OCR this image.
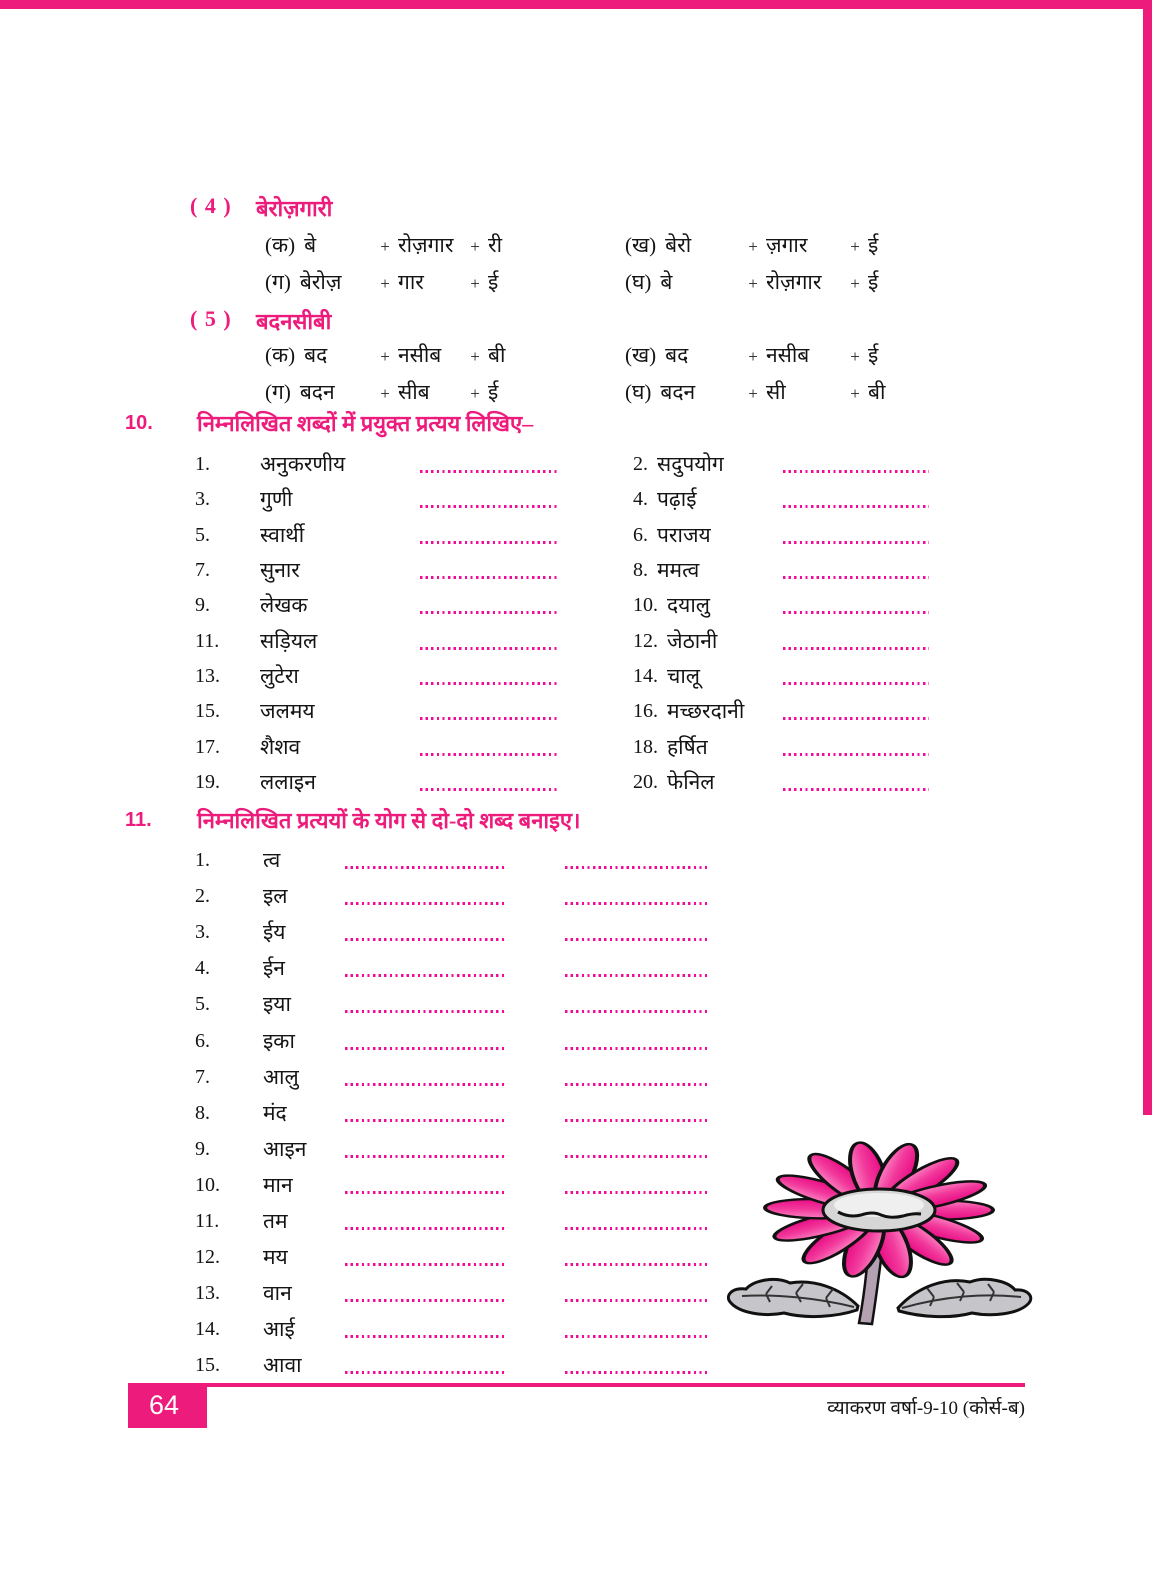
( 4 ) बेरोज़गारी
(क) बे	+ रोज़गार + री	(ख) बेरो	+ ज़गार	+ ई
(ग) बेरोज़	+ गार	+ ई	(घ) बे	+ रोज़गार	+ ई
( 5 ) बदनसीबी
(क) बद	+ नसीब	+ बी	(ख) बद	+ नसीब	+ ई
(ग) बदन	+ सीब	+ ई	(घ) बदन	+ सी	+ बी
10. निम्नलिखित शब्दों में प्रयुक्त प्रत्यय लिखिए–
1. अनुकरणीय	2. सदुपयोग
3. गुणी	4. पढ़ाई
5. स्वार्थी	6. पराजय
7. सुनार	8. ममत्व
9. लेखक	10. दयालु
11. सड़ियल	12. जेठानी
13. लुटेरा	14. चालू
15. जलमय	16. मच्छरदानी
17. शैशव	18. हर्षित
19. ललाइन	20. फेनिल
11. निम्नलिखित प्रत्ययों के योग से दो-दो शब्द बनाइए।
1.	त्व
2.	इल
3.	ईय
4.	ईन
5.	इया
6.	इका
7.	आलु
8.	मंद
9.	आइन
10. मान
11. तम
12. मय
13. वान
14. आई
15. आवा
64	व्याकरण वर्षा-9-10 (कोर्स-ब)
